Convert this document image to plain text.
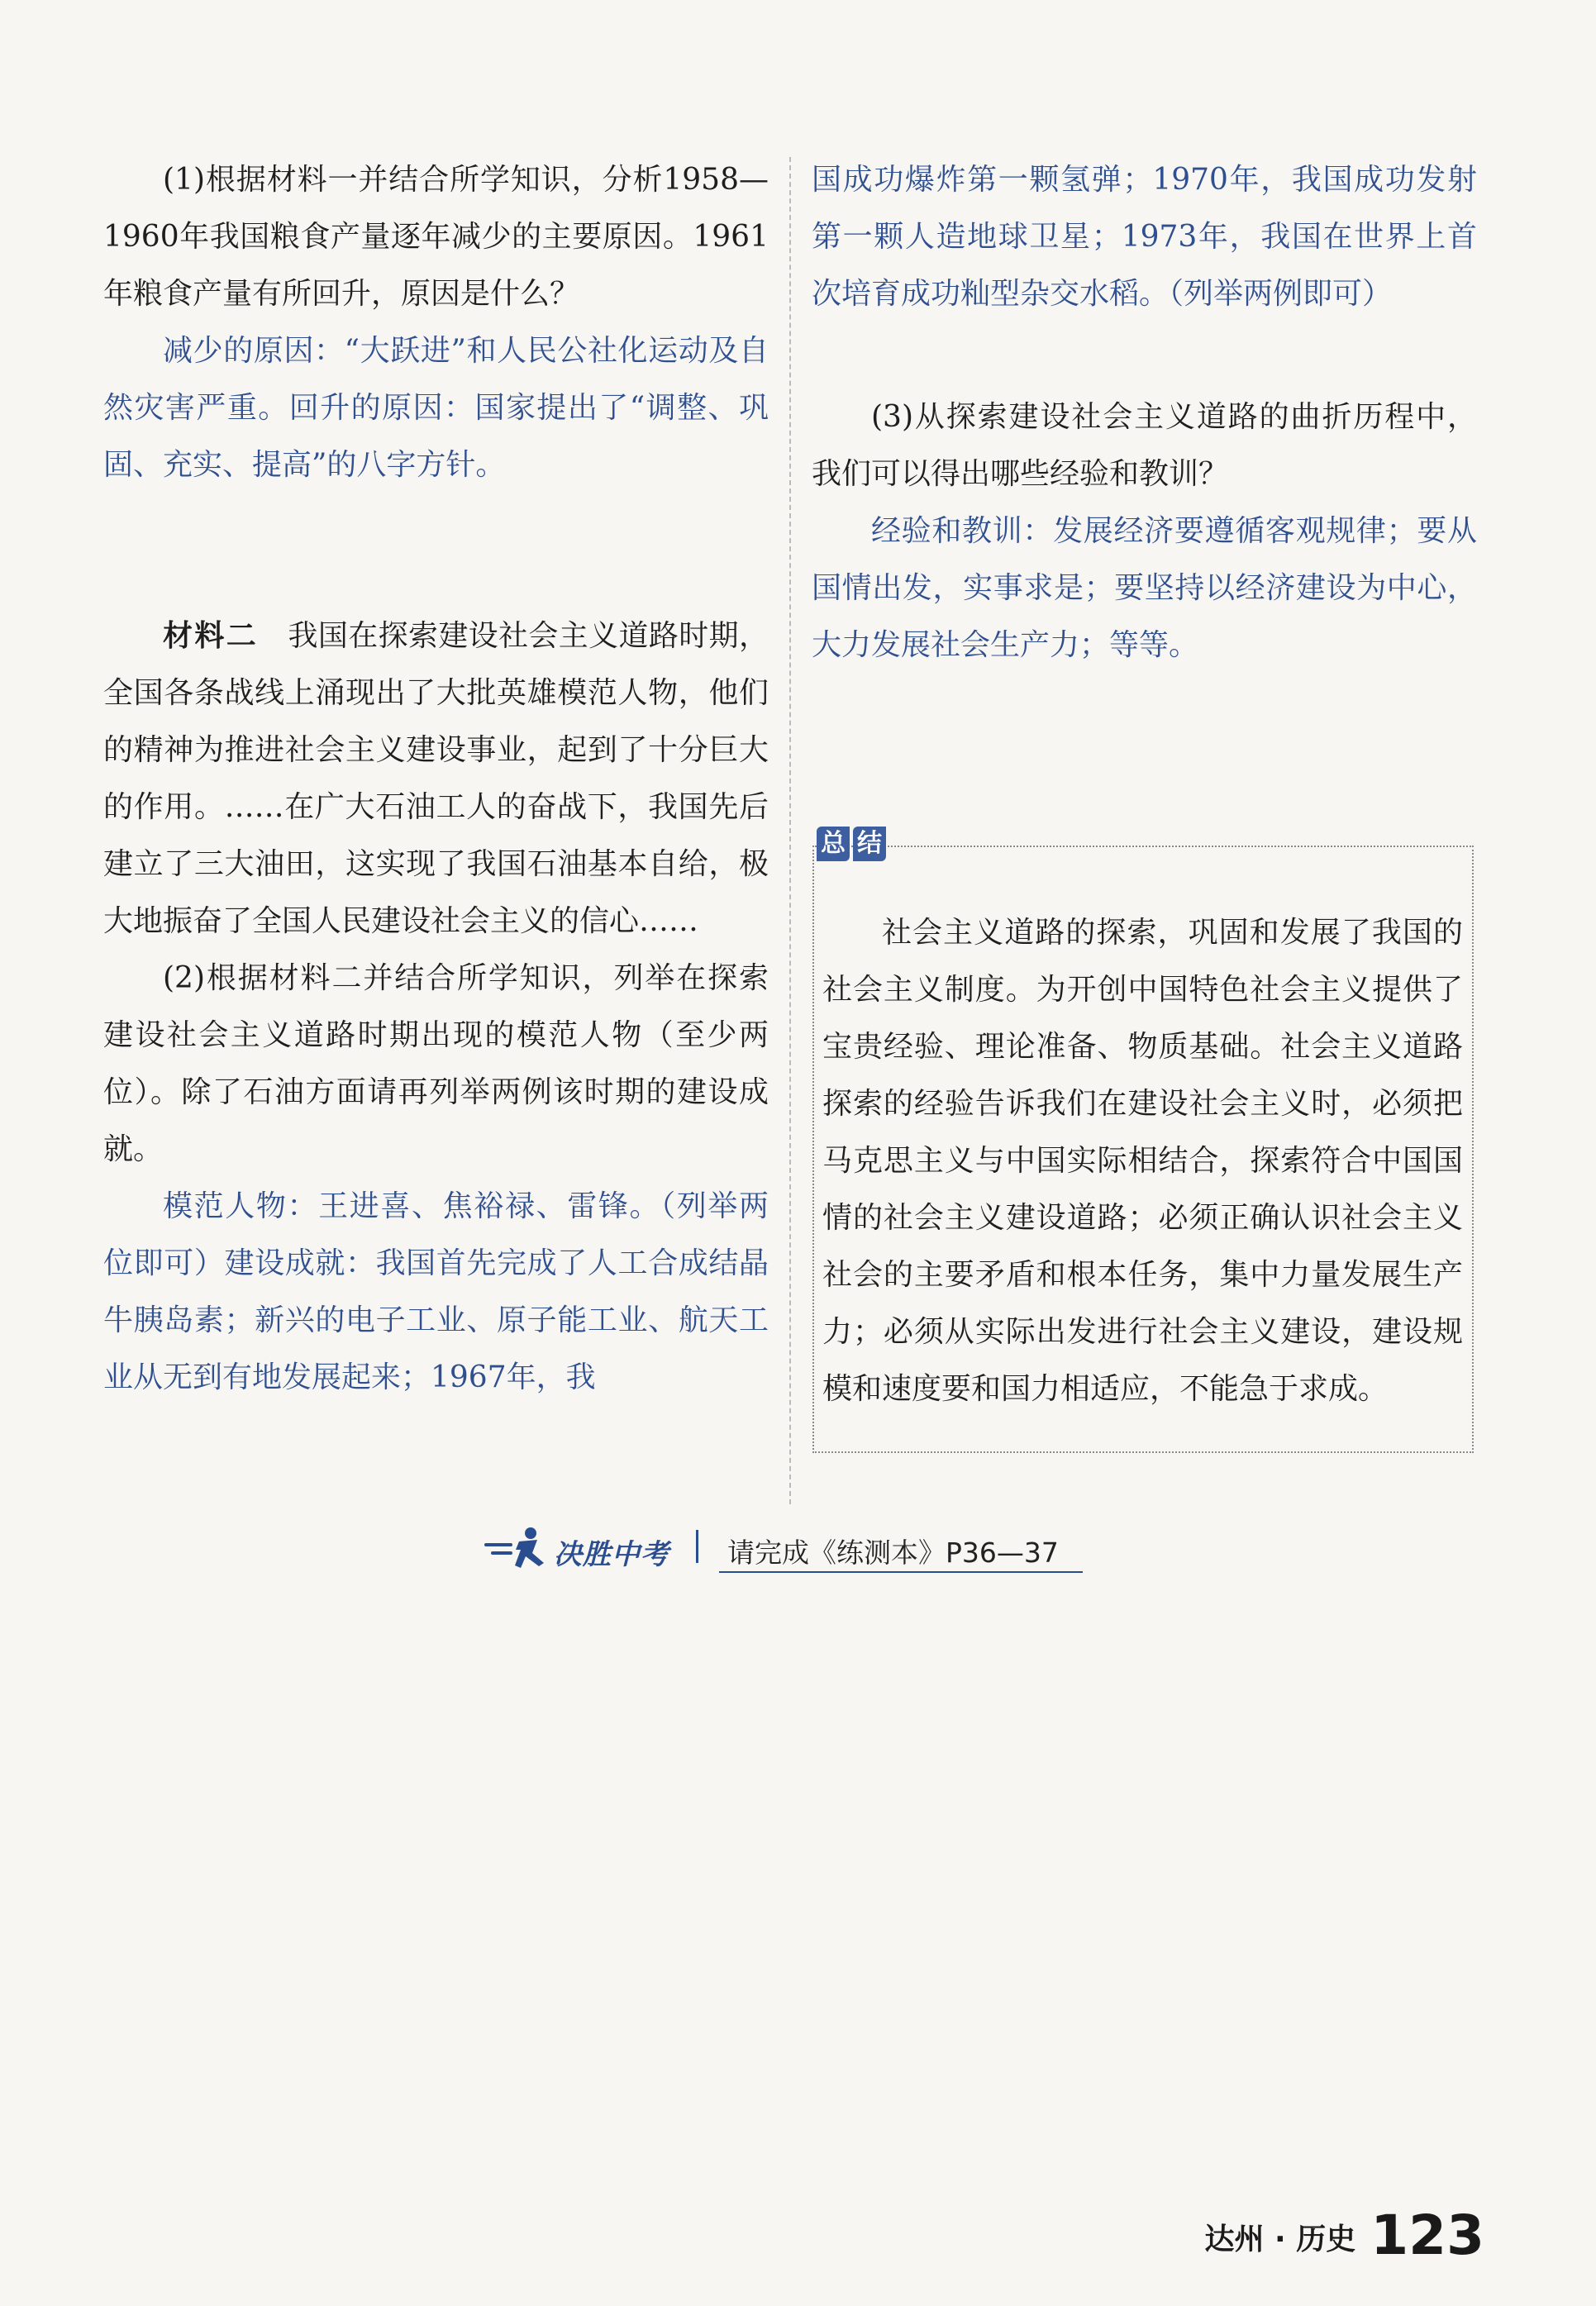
(1)根据材料一并结合所学知识，分析1958—1960年我国粮食产量逐年减少的主要原因。1961年粮食产量有所回升，原因是什么？

减少的原因：“大跃进”和人民公社化运动及自然灾害严重。回升的原因：国家提出了“调整、巩固、充实、提高”的八字方针。

材料二　 我国在探索建设社会主义道路时期，全国各条战线上涌现出了大批英雄模范人物，他们的精神为推进社会主义建设事业，起到了十分巨大的作用。……在广大石油工人的奋战下，我国先后建立了三大油田，这实现了我国石油基本自给，极大地振奋了全国人民建设社会主义的信心……

(2)根据材料二并结合所学知识，列举在探索建设社会主义道路时期出现的模范人物（至少两位）。除了石油方面请再列举两例该时期的建设成就。

模范人物：王进喜、焦裕禄、雷锋。（列举两位即可）建设成就：我国首先完成了人工合成结晶牛胰岛素；新兴的电子工业、原子能工业、航天工业从无到有地发展起来；1967年，我

国成功爆炸第一颗氢弹；1970年，我国成功发射第一颗人造地球卫星；1973年，我国在世界上首次培育成功籼型杂交水稻。（列举两例即可）

(3)从探索建设社会主义道路的曲折历程中，我们可以得出哪些经验和教训？

经验和教训：发展经济要遵循客观规律；要从国情出发，实事求是；要坚持以经济建设为中心，大力发展社会生产力；等等。

总 结

社会主义道路的探索，巩固和发展了我国的社会主义制度。为开创中国特色社会主义提供了宝贵经验、理论准备、物质基础。社会主义道路探索的经验告诉我们在建设社会主义时，必须把马克思主义与中国实际相结合，探索符合中国国情的社会主义建设道路；必须正确认识社会主义社会的主要矛盾和根本任务，集中力量发展生产力；必须从实际出发进行社会主义建设，建设规模和速度要和国力相适应，不能急于求成。

决胜中考 请完成《练测本》P36—37
达州 · 历史 123
